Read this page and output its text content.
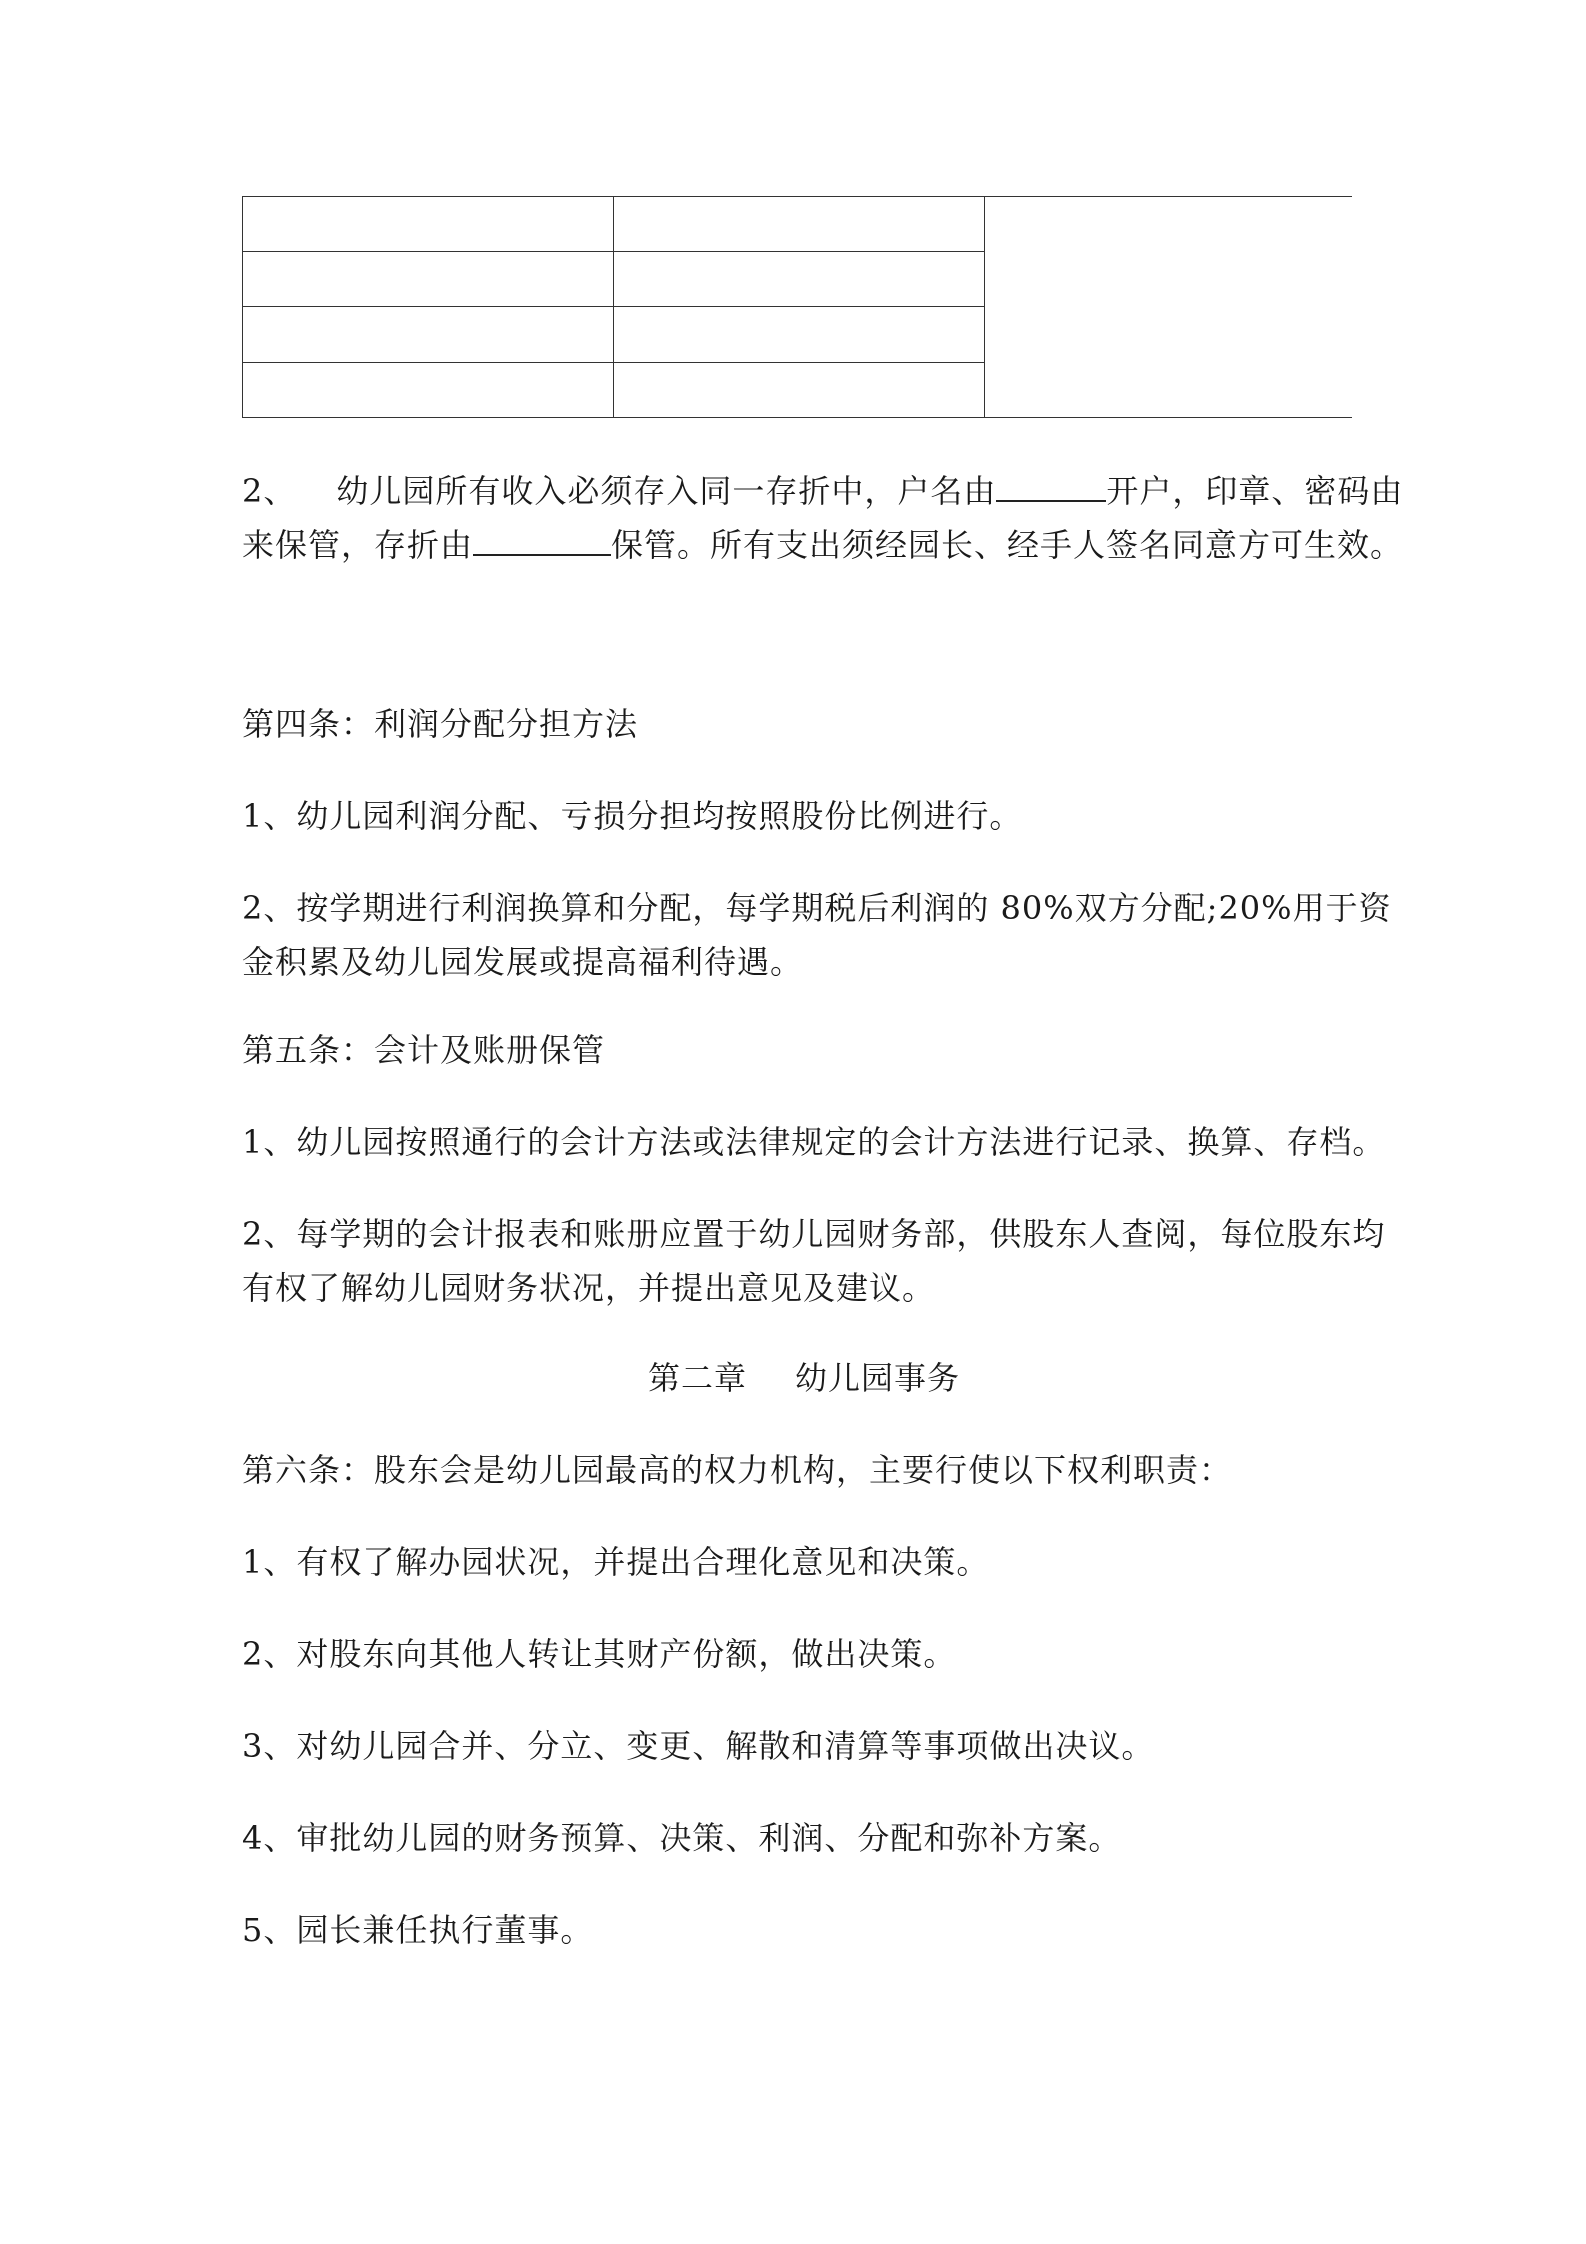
2、 幼儿园所有收入必须存入同一存折中，户名由	开户，印章、密码由
来保管，存折由	保管。所有支出须经园长、经手人签名同意方可生效。
第四条：利润分配分担方法
1、幼儿园利润分配、亏损分担均按照股份比例进行。
2、按学期进行利润换算和分配，每学期税后利润的 80%双方分配;20%用于资
金积累及幼儿园发展或提高福利待遇。
第五条：会计及账册保管
1、幼儿园按照通行的会计方法或法律规定的会计方法进行记录、换算、存档。
2、每学期的会计报表和账册应置于幼儿园财务部，供股东人查阅，每位股东均
有权了解幼儿园财务状况，并提出意见及建议。
第二章 幼儿园事务
第六条：股东会是幼儿园最高的权力机构，主要行使以下权利职责：
1、有权了解办园状况，并提出合理化意见和决策。
2、对股东向其他人转让其财产份额，做出决策。
3、对幼儿园合并、分立、变更、解散和清算等事项做出决议。
4、审批幼儿园的财务预算、决策、利润、分配和弥补方案。
5、园长兼任执行董事。
